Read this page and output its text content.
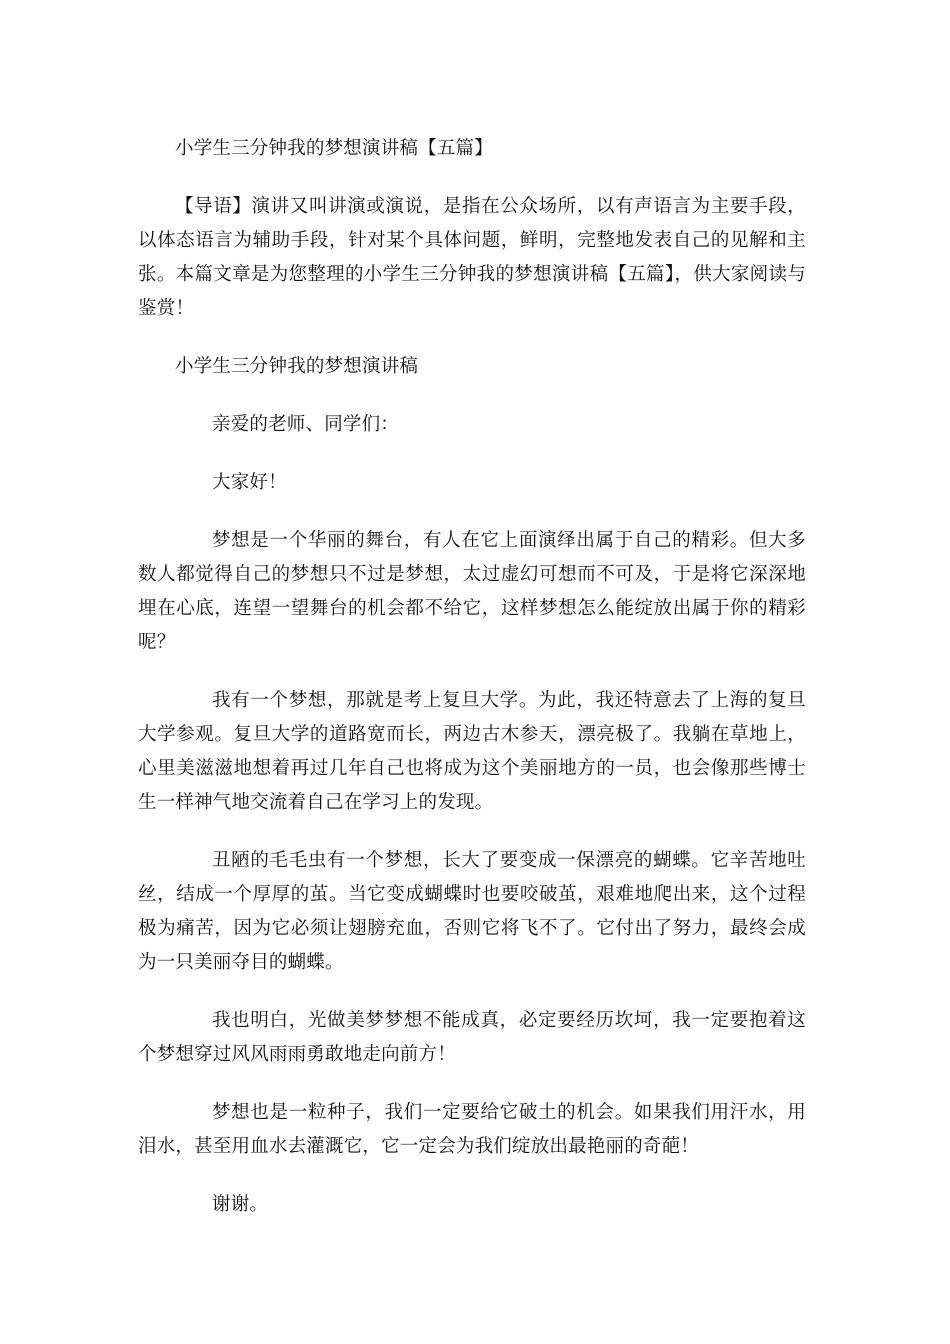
小学生三分钟我的梦想演讲稿【五篇】

【导语】演讲又叫讲演或演说，是指在公众场所，以有声语言为主要手段，以体态语言为辅助手段，针对某个具体问题，鲜明，完整地发表自己的见解和主张。本篇文章是为您整理的小学生三分钟我的梦想演讲稿【五篇】，供大家阅读与鉴赏！

小学生三分钟我的梦想演讲稿

亲爱的老师、同学们：

大家好！

梦想是一个华丽的舞台，有人在它上面演绎出属于自己的精彩。但大多数人都觉得自己的梦想只不过是梦想，太过虚幻可想而不可及，于是将它深深地埋在心底，连望一望舞台的机会都不给它，这样梦想怎么能绽放出属于你的精彩呢？

我有一个梦想，那就是考上复旦大学。为此，我还特意去了上海的复旦大学参观。复旦大学的道路宽而长，两边古木参天，漂亮极了。我躺在草地上，心里美滋滋地想着再过几年自己也将成为这个美丽地方的一员，也会像那些博士生一样神气地交流着自己在学习上的发现。

丑陋的毛毛虫有一个梦想，长大了要变成一保漂亮的蝴蝶。它辛苦地吐丝，结成一个厚厚的茧。当它变成蝴蝶时也要咬破茧，艰难地爬出来，这个过程极为痛苦，因为它必须让翅膀充血，否则它将飞不了。它付出了努力，最终会成为一只美丽夺目的蝴蝶。

我也明白，光做美梦梦想不能成真，必定要经历坎坷，我一定要抱着这个梦想穿过风风雨雨勇敢地走向前方！

梦想也是一粒种子，我们一定要给它破土的机会。如果我们用汗水，用泪水，甚至用血水去灌溉它，它一定会为我们绽放出最艳丽的奇葩！

谢谢。
